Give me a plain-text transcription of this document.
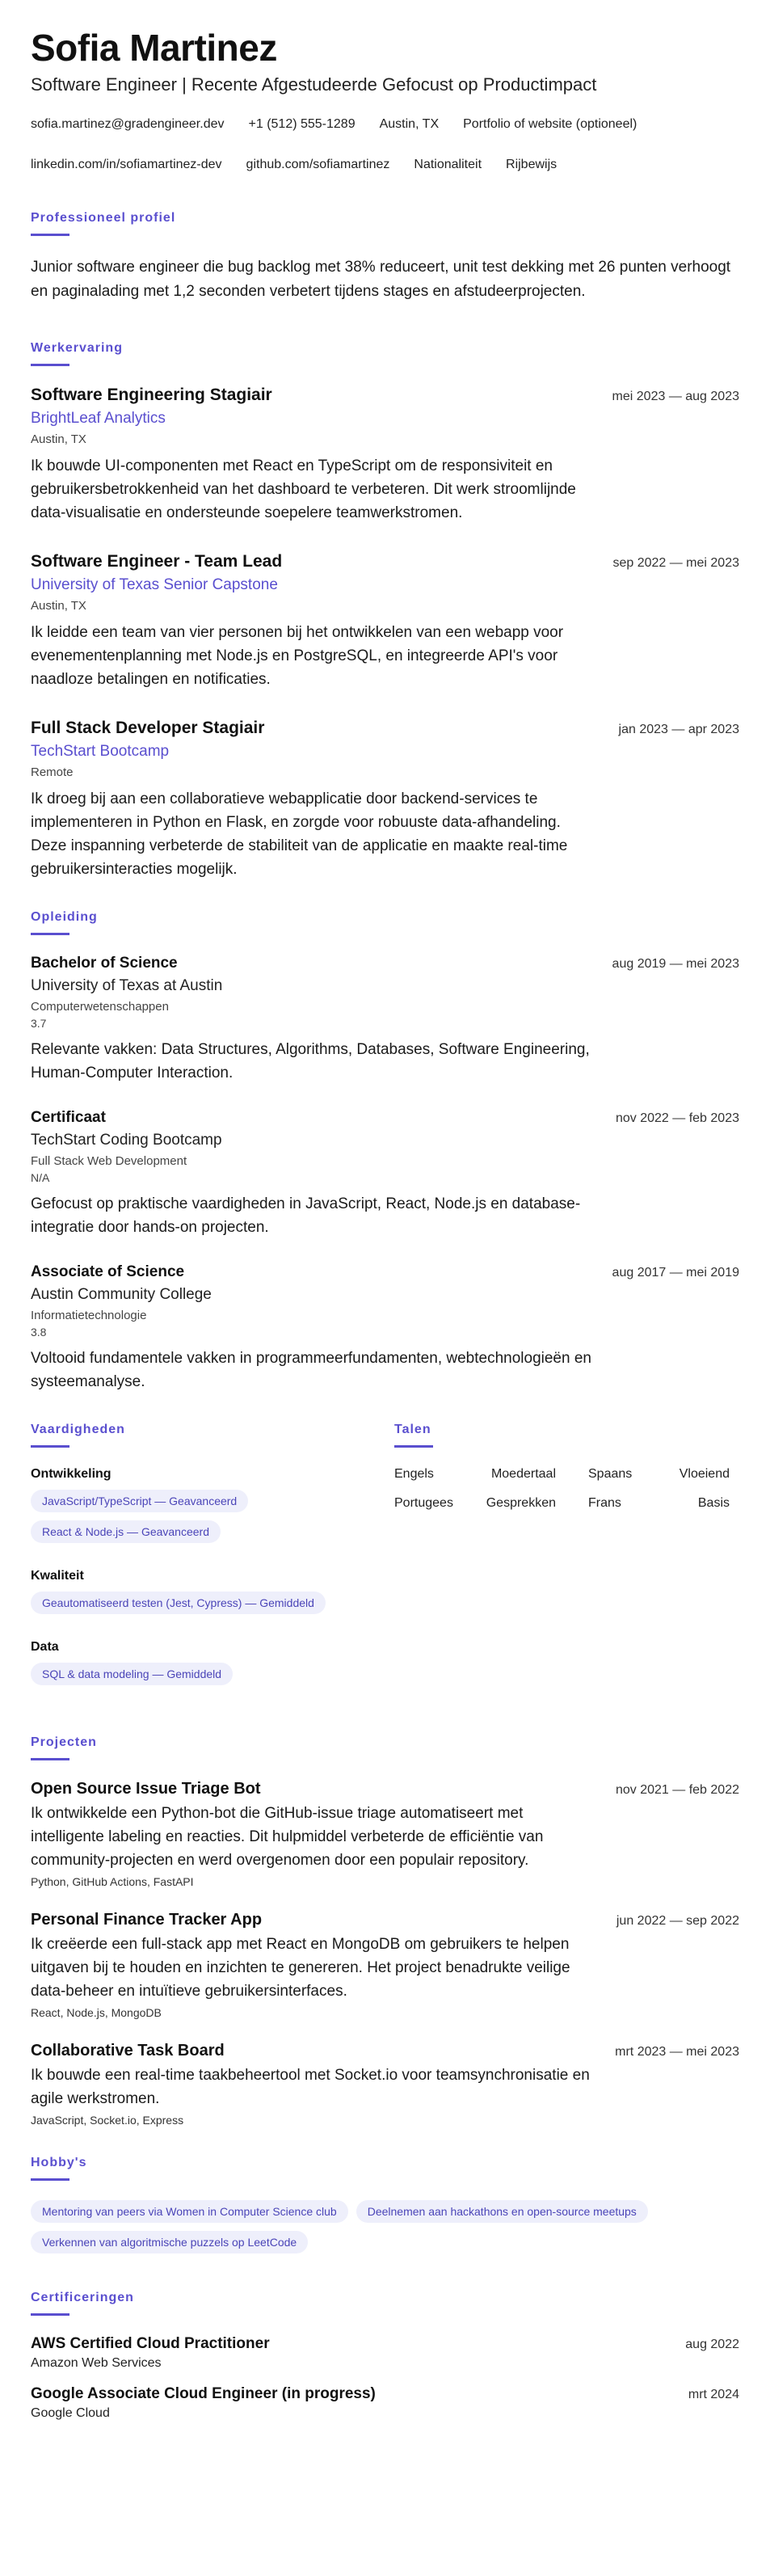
Sofia Martinez
Software Engineer | Recente Afgestudeerde Gefocust op Productimpact
sofia.martinez@gradengineer.dev +1 (512) 555-1289 Austin, TX Portfolio of website (optioneel)
linkedin.com/in/sofiamartinez-dev github.com/sofiamartinez Nationaliteit Rijbewijs
Professioneel profiel

Junior software engineer die bug backlog met 38% reduceert, unit test dekking met 26 punten verhoogt en paginalading met 1,2 seconden verbetert tijdens stages en afstudeerprojecten.

Werkervaring
Software Engineering Stagiair	mei 2023 — aug 2023
BrightLeaf Analytics
Austin, TX
Ik bouwde UI-componenten met React en TypeScript om de responsiviteit en gebruikersbetrokkenheid van het dashboard te verbeteren. Dit werk stroomlijnde data-visualisatie en ondersteunde soepelere teamwerkstromen.
Software Engineer - Team Lead	sep 2022 — mei 2023
University of Texas Senior Capstone
Austin, TX
Ik leidde een team van vier personen bij het ontwikkelen van een webapp voor evenementenplanning met Node.js en PostgreSQL, en integreerde API's voor naadloze betalingen en notificaties.
Full Stack Developer Stagiair	jan 2023 — apr 2023
TechStart Bootcamp
Remote
Ik droeg bij aan een collaboratieve webapplicatie door backend-services te implementeren in Python en Flask, en zorgde voor robuuste data-afhandeling. Deze inspanning verbeterde de stabiliteit van de applicatie en maakte real-time gebruikersinteracties mogelijk.
Opleiding
Bachelor of Science	aug 2019 — mei 2023
University of Texas at Austin
Computerwetenschappen
3.7
Relevante vakken: Data Structures, Algorithms, Databases, Software Engineering, Human-Computer Interaction.
Certificaat	nov 2022 — feb 2023
TechStart Coding Bootcamp
Full Stack Web Development
N/A
Gefocust op praktische vaardigheden in JavaScript, React, Node.js en database-integratie door hands-on projecten.
Associate of Science	aug 2017 — mei 2019
Austin Community College
Informatietechnologie
3.8
Voltooid fundamentele vakken in programmeerfundamenten, webtechnologieën en systeemanalyse.
Vaardigheden
Ontwikkeling
JavaScript/TypeScript — Geavanceerd
React & Node.js — Geavanceerd
Kwaliteit
Geautomatiseerd testen (Jest, Cypress) — Gemiddeld
Data
SQL & data modeling — Gemiddeld
Talen
Engels	Moedertaal	Spaans	Vloeiend
Portugees	Gesprekken	Frans	Basis
Projecten
Open Source Issue Triage Bot	nov 2021 — feb 2022
Ik ontwikkelde een Python-bot die GitHub-issue triage automatiseert met intelligente labeling en reacties. Dit hulpmiddel verbeterde de efficiëntie van community-projecten en werd overgenomen door een populair repository.
Python, GitHub Actions, FastAPI
Personal Finance Tracker App	jun 2022 — sep 2022
Ik creëerde een full-stack app met React en MongoDB om gebruikers te helpen uitgaven bij te houden en inzichten te genereren. Het project benadrukte veilige data-beheer en intuïtieve gebruikersinterfaces.
React, Node.js, MongoDB
Collaborative Task Board	mrt 2023 — mei 2023
Ik bouwde een real-time taakbeheertool met Socket.io voor teamsynchronisatie en agile werkstromen.
JavaScript, Socket.io, Express
Hobby's
Mentoring van peers via Women in Computer Science club	Deelnemen aan hackathons en open-source meetups
Verkennen van algoritmische puzzels op LeetCode
Certificeringen
AWS Certified Cloud Practitioner	aug 2022
Amazon Web Services
Google Associate Cloud Engineer (in progress)	mrt 2024
Google Cloud
